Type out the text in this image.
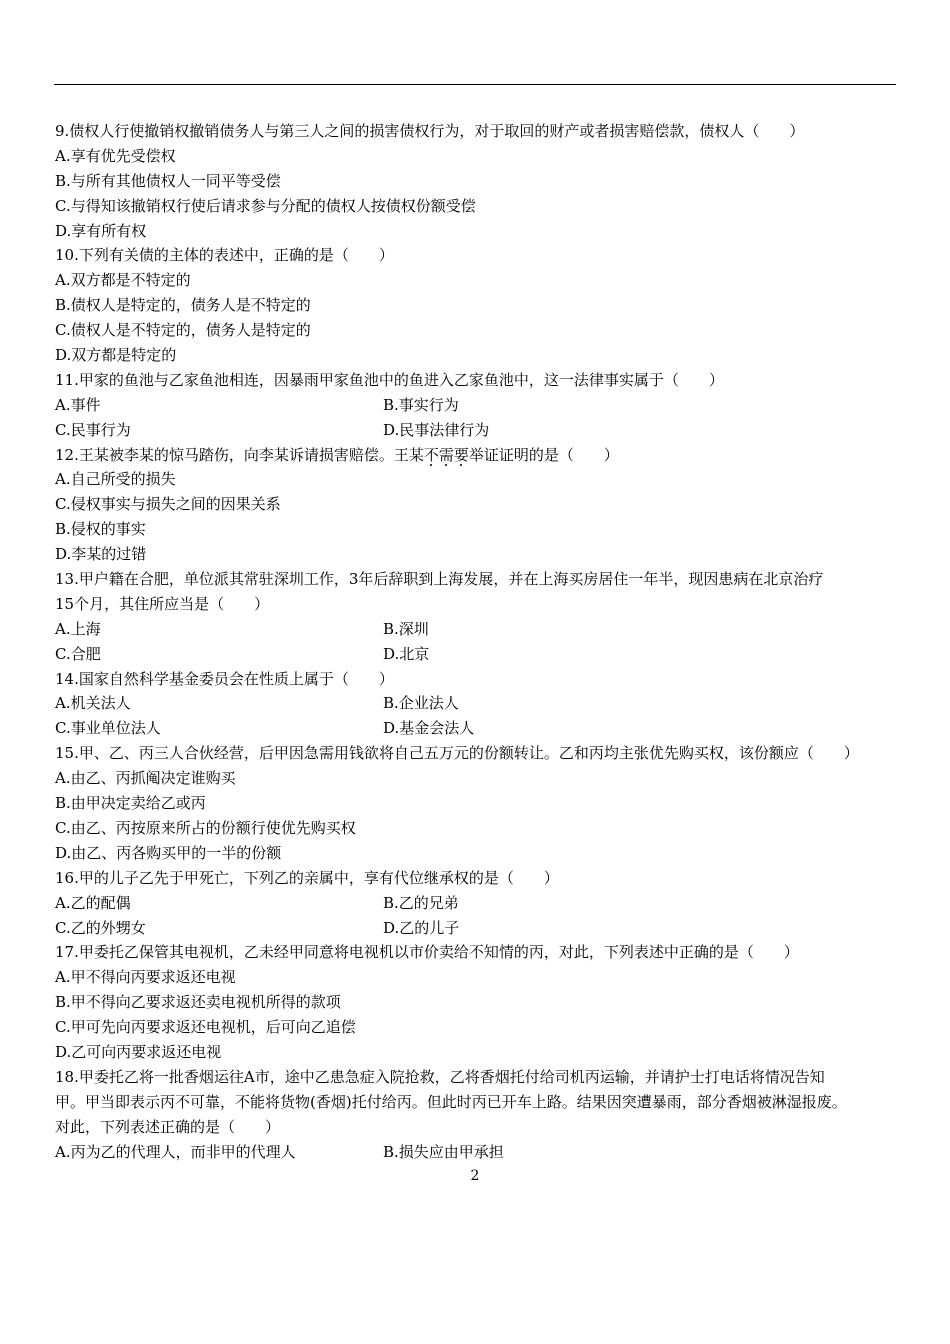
9.债权人行使撤销权撤销债务人与第三人之间的损害债权行为，对于取回的财产或者损害赔偿款，债权人（　　）
A.享有优先受偿权
B.与所有其他债权人一同平等受偿
C.与得知该撤销权行使后请求参与分配的债权人按债权份额受偿
D.享有所有权
10.下列有关债的主体的表述中，正确的是（　　）
A.双方都是不特定的
B.债权人是特定的，债务人是不特定的
C.债权人是不特定的，债务人是特定的
D.双方都是特定的
11.甲家的鱼池与乙家鱼池相连，因暴雨甲家鱼池中的鱼进入乙家鱼池中，这一法律事实属于（　　）
A.事件	B.事实行为
C.民事行为	D.民事法律行为
12.王某被李某的惊马踏伤，向李某诉请损害赔偿。王某不需要举证证明的是（　　）
A.自己所受的损失
C.侵权事实与损失之间的因果关系
B.侵权的事实
D.李某的过错
13.甲户籍在合肥，单位派其常驻深圳工作，3年后辞职到上海发展，并在上海买房居住一年半，现因患病在北京治疗
15个月，其住所应当是（　　）
A.上海	B.深圳
C.合肥	D.北京
14.国家自然科学基金委员会在性质上属于（　　）
A.机关法人	B.企业法人
C.事业单位法人	D.基金会法人
15.甲、乙、丙三人合伙经营，后甲因急需用钱欲将自己五万元的份额转让。乙和丙均主张优先购买权，该份额应（　　）
A.由乙、丙抓阄决定谁购买
B.由甲决定卖给乙或丙
C.由乙、丙按原来所占的份额行使优先购买权
D.由乙、丙各购买甲的一半的份额
16.甲的儿子乙先于甲死亡，下列乙的亲属中，享有代位继承权的是（　　）
A.乙的配偶	B.乙的兄弟
C.乙的外甥女	D.乙的儿子
17.甲委托乙保管其电视机，乙未经甲同意将电视机以市价卖给不知情的丙，对此，下列表述中正确的是（　　）
A.甲不得向丙要求返还电视
B.甲不得向乙要求返还卖电视机所得的款项
C.甲可先向丙要求返还电视机，后可向乙追偿
D.乙可向丙要求返还电视
18.甲委托乙将一批香烟运往A市，途中乙患急症入院抢救，乙将香烟托付给司机丙运输，并请护士打电话将情况告知
甲。甲当即表示丙不可靠，不能将货物(香烟)托付给丙。但此时丙已开车上路。结果因突遭暴雨，部分香烟被淋湿报废。
对此，下列表述正确的是（　　）
A.丙为乙的代理人，而非甲的代理人	B.损失应由甲承担
2
